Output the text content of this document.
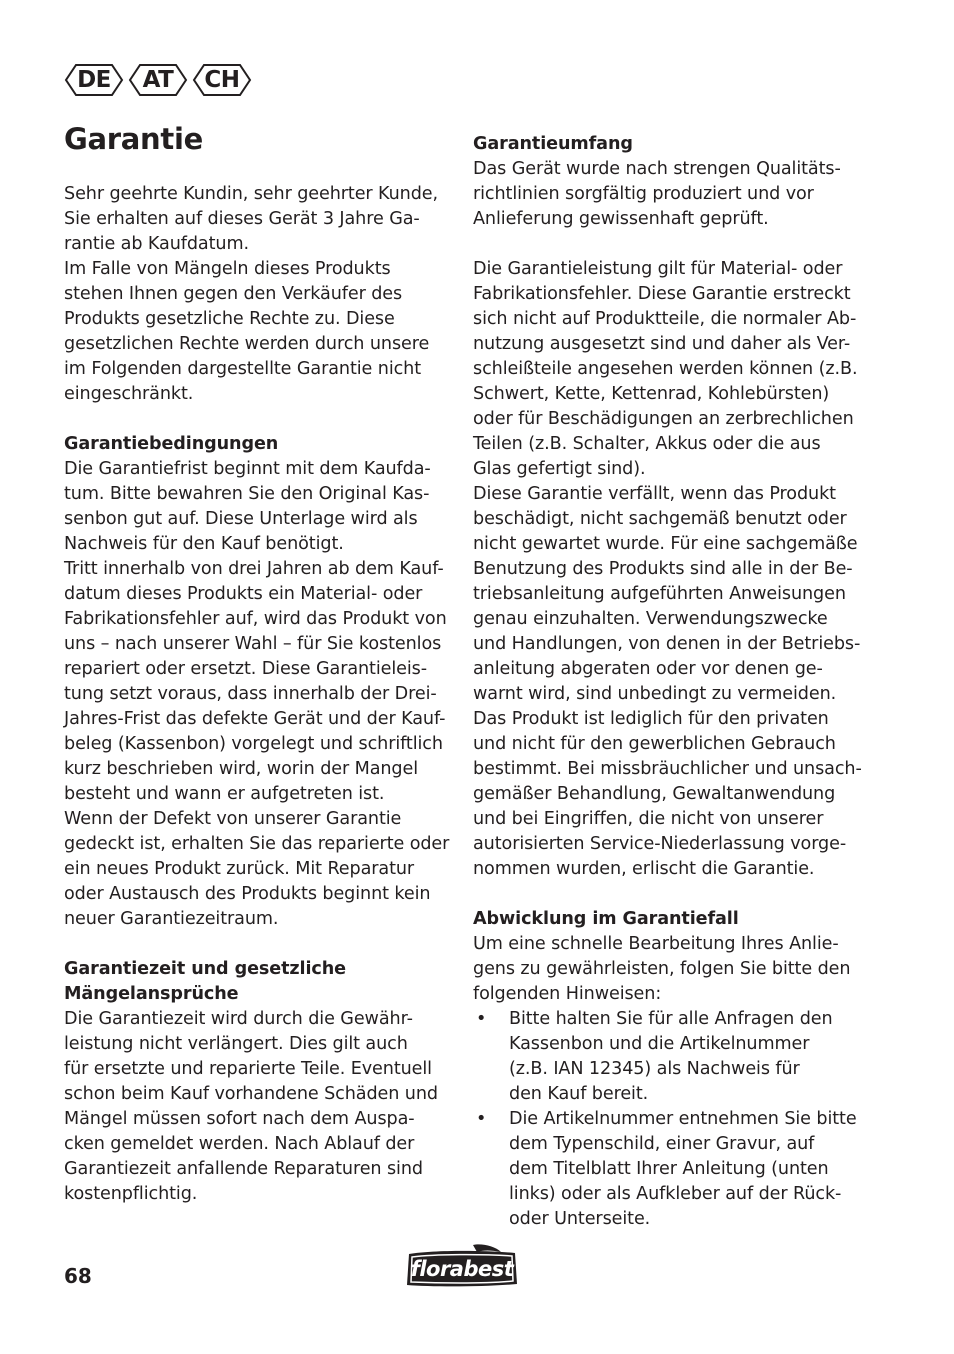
DE	AT	CH
Garantie

Sehr geehrte Kundin, sehr geehrter Kunde,
Sie erhalten auf dieses Gerät 3 Jahre Ga-
rantie ab Kaufdatum.
Im Falle von Mängeln dieses Produkts
stehen Ihnen gegen den Verkäufer des
Produkts gesetzliche Rechte zu. Diese
gesetzlichen Rechte werden durch unsere
im Folgenden dargestellte Garantie nicht
eingeschränkt.

Garantiebedingungen

Die Garantiefrist beginnt mit dem Kaufda-
tum. Bitte bewahren Sie den Original Kas-
senbon gut auf. Diese Unterlage wird als
Nachweis für den Kauf benötigt.
Tritt innerhalb von drei Jahren ab dem Kauf-
datum dieses Produkts ein Material- oder
Fabrikationsfehler auf, wird das Produkt von
uns – nach unserer Wahl – für Sie kostenlos
repariert oder ersetzt. Diese Garantieleis-
tung setzt voraus, dass innerhalb der Drei-
Jahres-Frist das defekte Gerät und der Kauf-
beleg (Kassenbon) vorgelegt und schriftlich
kurz beschrieben wird, worin der Mangel
besteht und wann er aufgetreten ist.
Wenn der Defekt von unserer Garantie
gedeckt ist, erhalten Sie das reparierte oder
ein neues Produkt zurück. Mit Reparatur
oder Austausch des Produkts beginnt kein
neuer Garantiezeitraum.

Garantiezeit und gesetzliche
Mängelansprüche

Die Garantiezeit wird durch die Gewähr-
leistung nicht verlängert. Dies gilt auch
für ersetzte und reparierte Teile. Eventuell
schon beim Kauf vorhandene Schäden und
Mängel müssen sofort nach dem Auspa-
cken gemeldet werden. Nach Ablauf der
Garantiezeit anfallende Reparaturen sind
kostenpflichtig.

Garantieumfang

Das Gerät wurde nach strengen Qualitäts-
richtlinien sorgfältig produziert und vor
Anlieferung gewissenhaft geprüft.

Die Garantieleistung gilt für Material- oder
Fabrikationsfehler. Diese Garantie erstreckt
sich nicht auf Produktteile, die normaler Ab-
nutzung ausgesetzt sind und daher als Ver-
schleißteile angesehen werden können (z.B.
Schwert, Kette, Kettenrad, Kohlebürsten)
oder für Beschädigungen an zerbrechlichen
Teilen (z.B. Schalter, Akkus oder die aus
Glas gefertigt sind).
Diese Garantie verfällt, wenn das Produkt
beschädigt, nicht sachgemäß benutzt oder
nicht gewartet wurde. Für eine sachgemäße
Benutzung des Produkts sind alle in der Be-
triebsanleitung aufgeführten Anweisungen
genau einzuhalten. Verwendungszwecke
und Handlungen, von denen in der Betriebs-
anleitung abgeraten oder vor denen ge-
warnt wird, sind unbedingt zu vermeiden.
Das Produkt ist lediglich für den privaten
und nicht für den gewerblichen Gebrauch
bestimmt. Bei missbräuchlicher und unsach-
gemäßer Behandlung, Gewaltanwendung
und bei Eingriffen, die nicht von unserer
autorisierten Service-Niederlassung vorge-
nommen wurden, erlischt die Garantie.

Abwicklung im Garantiefall

Um eine schnelle Bearbeitung Ihres Anlie-
gens zu gewährleisten, folgen Sie bitte den
folgenden Hinweisen:

• Bitte halten Sie für alle Anfragen den
Kassenbon und die Artikelnummer
(z.B. IAN 12345) als Nachweis für
den Kauf bereit.
• Die Artikelnummer entnehmen Sie bitte
dem Typenschild, einer Gravur, auf
dem Titelblatt Ihrer Anleitung (unten
links) oder als Aufkleber auf der Rück-
oder Unterseite.
68	florabest
